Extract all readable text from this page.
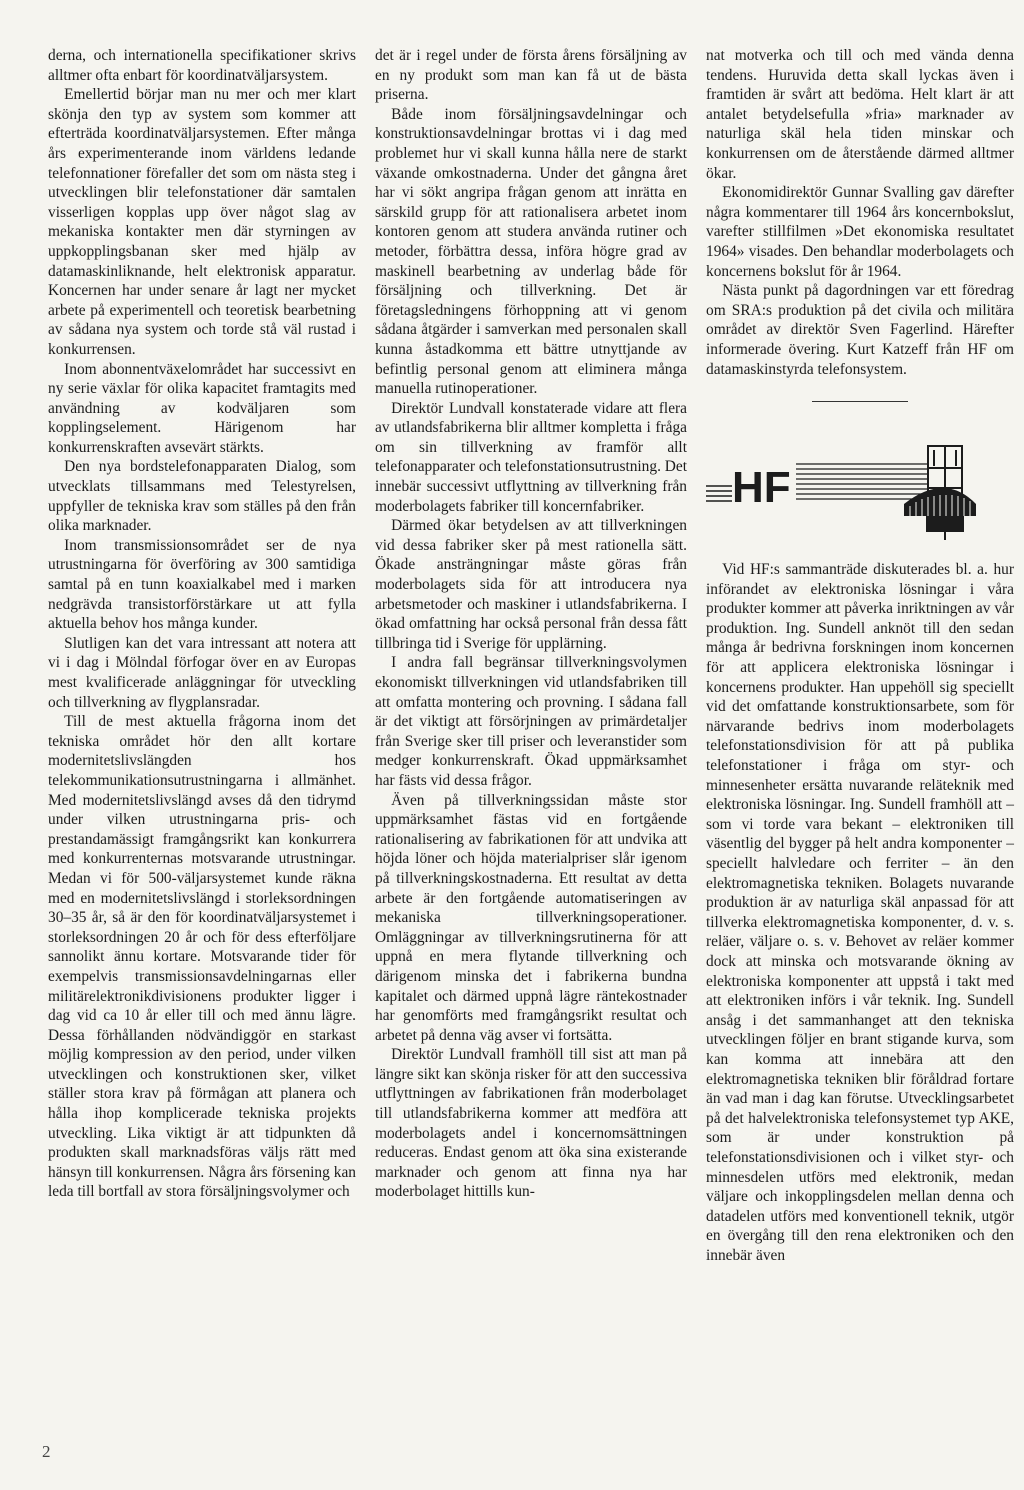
derna, och internationella specifikationer skrivs alltmer ofta enbart för koordinatväljarsystem.

Emellertid börjar man nu mer och mer klart skönja den typ av system som kommer att efterträda koordinatväljarsystemen. Efter många års experimenterande inom världens ledande telefonnationer förefaller det som om nästa steg i utvecklingen blir telefonstationer där samtalen visserligen kopplas upp över något slag av mekaniska kontakter men där styrningen av uppkopplingsbanan sker med hjälp av datamaskinliknande, helt elektronisk apparatur. Koncernen har under senare år lagt ner mycket arbete på experimentell och teoretisk bearbetning av sådana nya system och torde stå väl rustad i konkurrensen.

Inom abonnentväxelområdet har successivt en ny serie växlar för olika kapacitet framtagits med användning av kodväljaren som kopplingselement. Härigenom har konkurrenskraften avsevärt stärkts.

Den nya bordstelefonapparaten Dialog, som utvecklats tillsammans med Telestyrelsen, uppfyller de tekniska krav som ställes på den från olika marknader.

Inom transmissionsområdet ser de nya utrustningarna för överföring av 300 samtidiga samtal på en tunn koaxialkabel med i marken nedgrävda transistorförstärkare ut att fylla aktuella behov hos många kunder.

Slutligen kan det vara intressant att notera att vi i dag i Mölndal förfogar över en av Europas mest kvalificerade anläggningar för utveckling och tillverkning av flygplansradar.

Till de mest aktuella frågorna inom det tekniska området hör den allt kortare modernitetslivslängden hos telekommunikationsutrustningarna i allmänhet. Med modernitetslivslängd avses då den tidrymd under vilken utrustningarna pris- och prestandamässigt framgångsrikt kan konkurrera med konkurrenternas motsvarande utrustningar. Medan vi för 500-väljarsystemet kunde räkna med en modernitetslivslängd i storleksordningen 30–35 år, så är den för koordinatväljarsystemet i storleksordningen 20 år och för dess efterföljare sannolikt ännu kortare. Motsvarande tider för exempelvis transmissionsavdelningarnas eller militärelektronikdivisionens produkter ligger i dag vid ca 10 år eller till och med ännu lägre. Dessa förhållanden nödvändiggör en starkast möjlig kompression av den period, under vilken utvecklingen och konstruktionen sker, vilket ställer stora krav på förmågan att planera och hålla ihop komplicerade tekniska projekts utveckling. Lika viktigt är att tidpunkten då produkten skall marknadsföras väljs rätt med hänsyn till konkurrensen. Några års försening kan leda till bortfall av stora försäljningsvolymer och

det är i regel under de första årens försäljning av en ny produkt som man kan få ut de bästa priserna.

Både inom försäljningsavdelningar och konstruktionsavdelningar brottas vi i dag med problemet hur vi skall kunna hålla nere de starkt växande omkostnaderna. Under det gångna året har vi sökt angripa frågan genom att inrätta en särskild grupp för att rationalisera arbetet inom kontoren genom att studera använda rutiner och metoder, förbättra dessa, införa högre grad av maskinell bearbetning av underlag både för försäljning och tillverkning. Det är företagsledningens förhoppning att vi genom sådana åtgärder i samverkan med personalen skall kunna åstadkomma ett bättre utnyttjande av befintlig personal genom att eliminera många manuella rutinoperationer.

Direktör Lundvall konstaterade vidare att flera av utlandsfabrikerna blir alltmer kompletta i fråga om sin tillverkning av framför allt telefonapparater och telefonstationsutrustning. Det innebär successivt utflyttning av tillverkning från moderbolagets fabriker till koncernfabriker.

Därmed ökar betydelsen av att tillverkningen vid dessa fabriker sker på mest rationella sätt. Ökade ansträngningar måste göras från moderbolagets sida för att introducera nya arbetsmetoder och maskiner i utlandsfabrikerna. I ökad omfattning har också personal från dessa fått tillbringa tid i Sverige för upplärning.

I andra fall begränsar tillverkningsvolymen ekonomiskt tillverkningen vid utlandsfabriken till att omfatta montering och provning. I sådana fall är det viktigt att försörjningen av primärdetaljer från Sverige sker till priser och leveranstider som medger konkurrenskraft. Ökad uppmärksamhet har fästs vid dessa frågor.

Även på tillverkningssidan måste stor uppmärksamhet fästas vid en fortgående rationalisering av fabrikationen för att undvika att höjda löner och höjda materialpriser slår igenom på tillverkningskostnaderna. Ett resultat av detta arbete är den fortgående automatiseringen av mekaniska tillverkningsoperationer. Omläggningar av tillverkningsrutinerna för att uppnå en mera flytande tillverkning och därigenom minska det i fabrikerna bundna kapitalet och därmed uppnå lägre räntekostnader har genomförts med framgångsrikt resultat och arbetet på denna väg avser vi fortsätta.

Direktör Lundvall framhöll till sist att man på längre sikt kan skönja risker för att den successiva utflyttningen av fabrikationen från moderbolaget till utlandsfabrikerna kommer att medföra att moderbolagets andel i koncernomsättningen reduceras. Endast genom att öka sina existerande marknader och genom att finna nya har moderbolaget hittills kun-

nat motverka och till och med vända denna tendens. Huruvida detta skall lyckas även i framtiden är svårt att bedöma. Helt klart är att antalet betydelsefulla »fria» marknader av naturliga skäl hela tiden minskar och konkurrensen om de återstående därmed alltmer ökar.

Ekonomidirektör Gunnar Svalling gav därefter några kommentarer till 1964 års koncernbokslut, varefter stillfilmen »Det ekonomiska resultatet 1964» visades. Den behandlar moderbolagets och koncernens bokslut för år 1964.

Nästa punkt på dagordningen var ett föredrag om SRA:s produktion på det civila och militära området av direktör Sven Fagerlind. Härefter informerade övering. Kurt Katzeff från HF om datamaskinstyrda telefonsystem.

HF

Vid HF:s sammanträde diskuterades bl. a. hur införandet av elektroniska lösningar i våra produkter kommer att påverka inriktningen av vår produktion. Ing. Sundell anknöt till den sedan många år bedrivna forskningen inom koncernen för att applicera elektroniska lösningar i koncernens produkter. Han uppehöll sig speciellt vid det omfattande konstruktionsarbete, som för närvarande bedrivs inom moderbolagets telefonstationsdivision för att på publika telefonstationer i fråga om styr- och minnesenheter ersätta nuvarande reläteknik med elektroniska lösningar. Ing. Sundell framhöll att – som vi torde vara bekant – elektroniken till väsentlig del bygger på helt andra komponenter – speciellt halvledare och ferriter – än den elektromagnetiska tekniken. Bolagets nuvarande produktion är av naturliga skäl anpassad för att tillverka elektromagnetiska komponenter, d. v. s. reläer, väljare o. s. v. Behovet av reläer kommer dock att minska och motsvarande ökning av elektroniska komponenter att uppstå i takt med att elektroniken införs i vår teknik. Ing. Sundell ansåg i det sammanhanget att den tekniska utvecklingen följer en brant stigande kurva, som kan komma att innebära att den elektromagnetiska tekniken blir föråldrad fortare än vad man i dag kan förutse. Utvecklingsarbetet på det halvelektroniska telefonsystemet typ AKE, som är under konstruktion på telefonstationsdivisionen och i vilket styr- och minnesdelen utförs med elektronik, medan väljare och inkopplingsdelen mellan denna och datadelen utförs med konventionell teknik, utgör en övergång till den rena elektroniken och den innebär även

2
